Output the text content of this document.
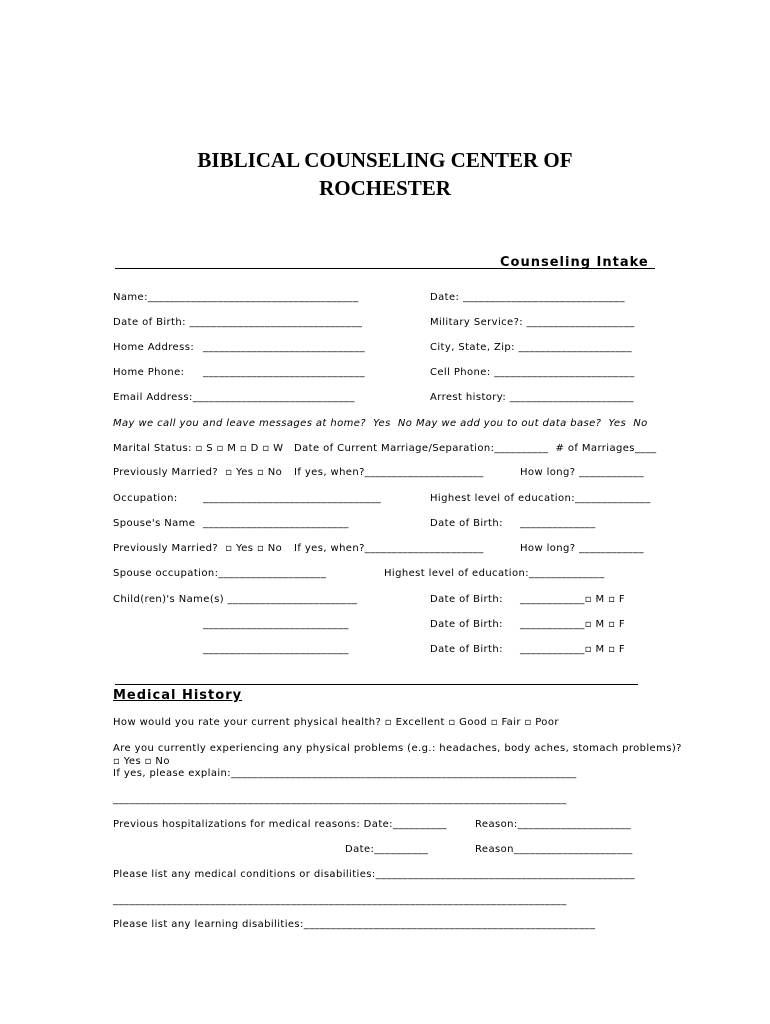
BIBLICAL COUNSELING CENTER OF
ROCHESTER
Counseling Intake
Name:_______________________________________	Date: ______________________________
Date of Birth: ________________________________	Military Service?: ____________________
Home Address: ______________________________	City, State, Zip: _____________________
Home Phone: ______________________________	Cell Phone: __________________________
Email Address:______________________________	Arrest history: _______________________
May we call you and leave messages at home?  Yes  No May we add you to out data base?  Yes  No
Marital Status: ▫ S ▫ M ▫ D ▫ W Date of Current Marriage/Separation:__________  # of Marriages____
Previously Married?  ▫ Yes ▫ No If yes, when?______________________	How long? ____________
Occupation:	_________________________________	Highest level of education:______________
Spouse's Name ___________________________	Date of Birth: ______________
Previously Married?  ▫ Yes ▫ No If yes, when?______________________	How long? ____________
Spouse occupation:____________________	Highest level of education:______________
Child(ren)'s Name(s) ________________________	Date of Birth: ____________▫ M ▫ F
___________________________	Date of Birth: ____________▫ M ▫ F
___________________________	Date of Birth: ____________▫ M ▫ F
Medical History
How would you rate your current physical health? ▫ Excellent ▫ Good ▫ Fair ▫ Poor
Are you currently experiencing any physical problems (e.g.: headaches, body aches, stomach problems)?
▫ Yes ▫ No
If yes, please explain:________________________________________________________________
____________________________________________________________________________________
Previous hospitalizations for medical reasons: Date:__________	Reason:_____________________
Date:__________	Reason______________________
Please list any medical conditions or disabilities:________________________________________________
____________________________________________________________________________________
Please list any learning disabilities:______________________________________________________
